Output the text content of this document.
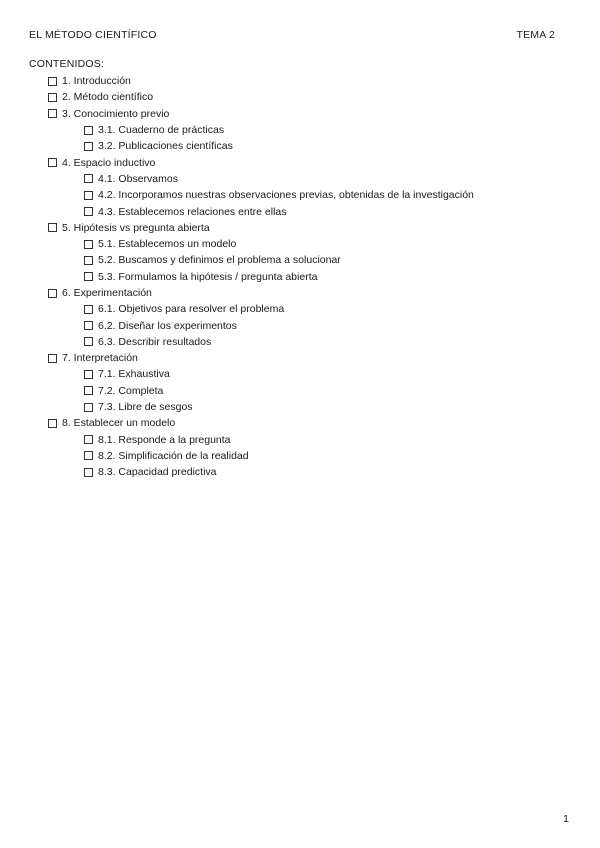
EL MÉTODO CIENTÍFICO	TEMA 2
CONTENIDOS:
1. Introducción
2. Método científico
3. Conocimiento previo
3.1. Cuaderno de prácticas
3.2. Publicaciones científicas
4. Espacio inductivo
4.1. Observamos
4.2. Incorporamos nuestras observaciones previas, obtenidas de la investigación
4.3. Establecemos relaciones entre ellas
5. Hipótesis vs pregunta abierta
5.1. Establecemos un modelo
5.2. Buscamos y definimos el problema a solucionar
5.3. Formulamos la hipótesis / pregunta abierta
6. Experimentación
6.1. Objetivos para resolver el problema
6.2. Diseñar los experimentos
6.3. Describir resultados
7. Interpretación
7.1. Exhaustiva
7.2. Completa
7.3. Libre de sesgos
8. Establecer un modelo
8.1. Responde a la pregunta
8.2. Simplificación de la realidad
8.3. Capacidad predictiva
1
